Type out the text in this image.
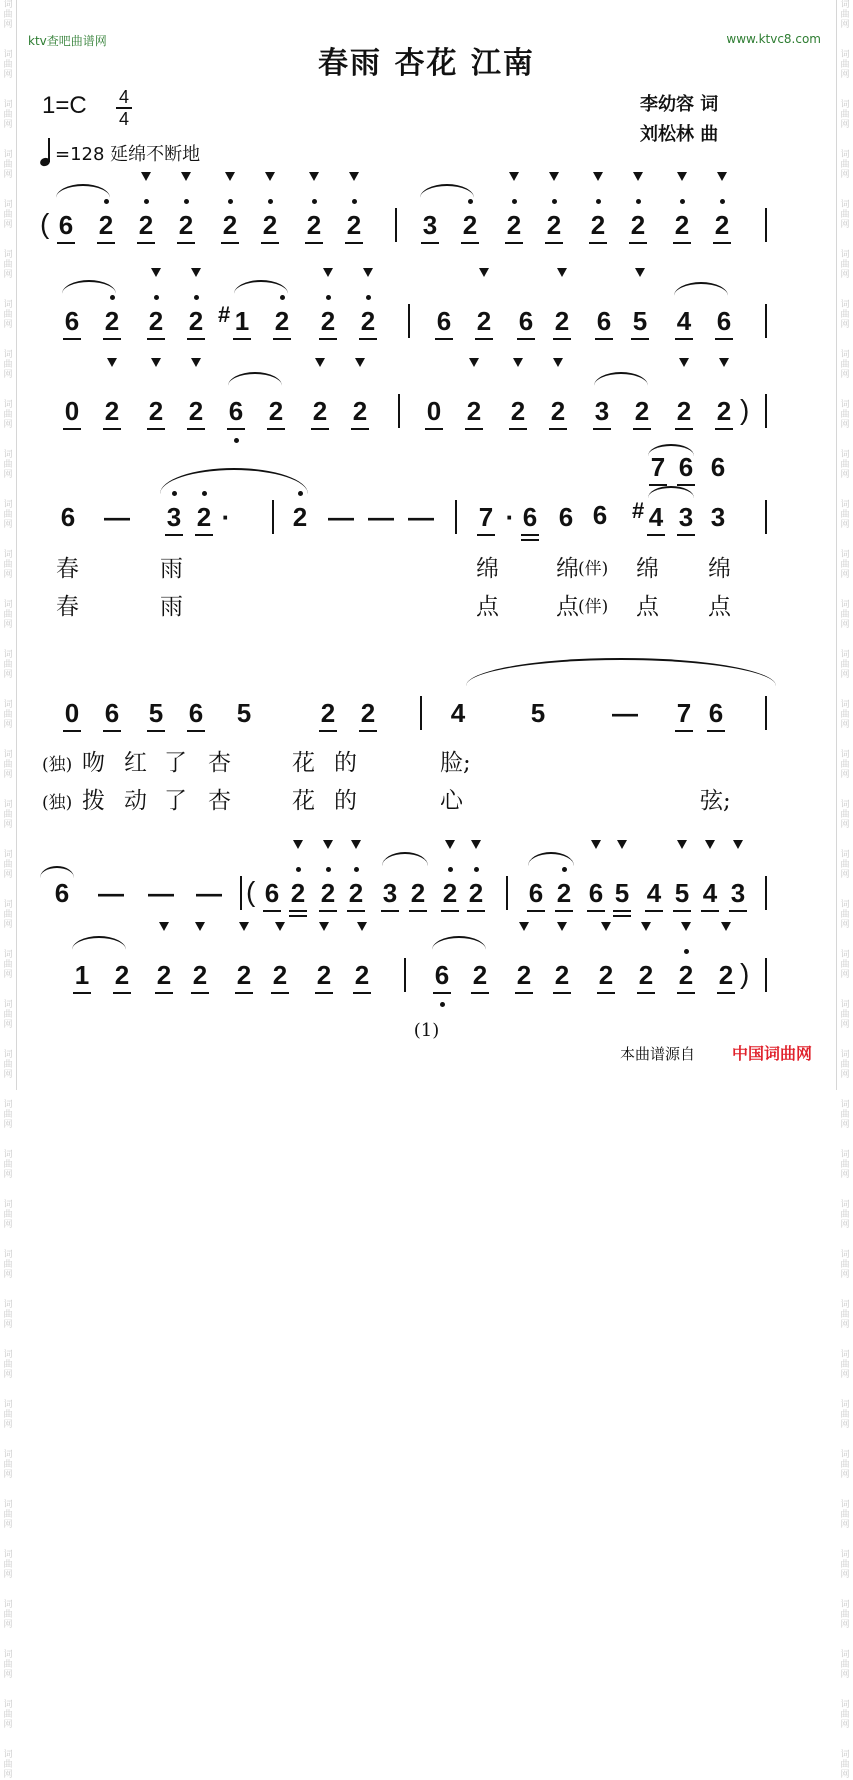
词
曲
网

词
曲
网

词
曲
网

词
曲
网

词
曲
网

词
曲
网

词
曲
网

词
曲
网

词
曲
网

词
曲
网

词
曲
网

词
曲
网

词
曲
网

词
曲
网

词
曲
网

词
曲
网

词
曲
网

词
曲
网

词
曲
网

词
曲
网

词
曲
网

词
曲
网

词
曲
网

词
曲
网

词
曲
网

词
曲
网

词
曲
网

词
曲
网

词
曲
网

词
曲
网

词
曲
网

词
曲
网

词
曲
网

词
曲
网

词
曲
网

词
曲
网

词
曲
网

词
曲
网

词
曲
网

词
曲
网

词
曲
网

词
曲
网

词
曲
网

词
曲
网

词
曲
网

词
曲
网

词
曲
网

词
曲
网

词
曲
网

词
曲
网

词
曲
网

词
曲
网

词
曲
网

词
曲
网

词
曲
网

词
曲
网

词
曲
网

词
曲
网

词
曲
网

词
曲
网

词
曲
网

词
曲
网

词
曲
网

词
曲
网

词
曲
网

词
曲
网

词
曲
网

词
曲
网

词
曲
网

词
曲
网

词
曲
网

词
曲
网

ktv查吧曲谱网	www.ktvc8.com
春雨 杏花 江南
1=C 4
4
=128 延绵不断地
李幼容 词
刘松林 曲
( 6 2 2 2 2 2 2 2 3 2 2 2 2 2 2 2
6 2 2 2 # 1 2 2 2 6 2 6 2 6 5 4 6
0 2 2 2 6 2 2 2 0 2 2 2 3 2 2 2 )
7 6 6
6 — 3 2 · 2 — — — 7 · 6 6 6 # 4 3 3
春	雨	绵 绵 (伴) 绵 绵
春	雨	点 点 (伴) 点 点
0 6 5 6 5	2 2	4	5	— 7 6
(独) 吻 红 了 杏	花 的	脸;
(独) 拨 动 了 杏	花 的	心	弦;
6 — — — ( 6 2 2 2 3 2 2 2 6 2 6 5 4 5 4 3
1 2 2 2 2 2 2 2	6 2 2 2 2 2 2 2 )
(1)
本曲谱源自 中国词曲网
